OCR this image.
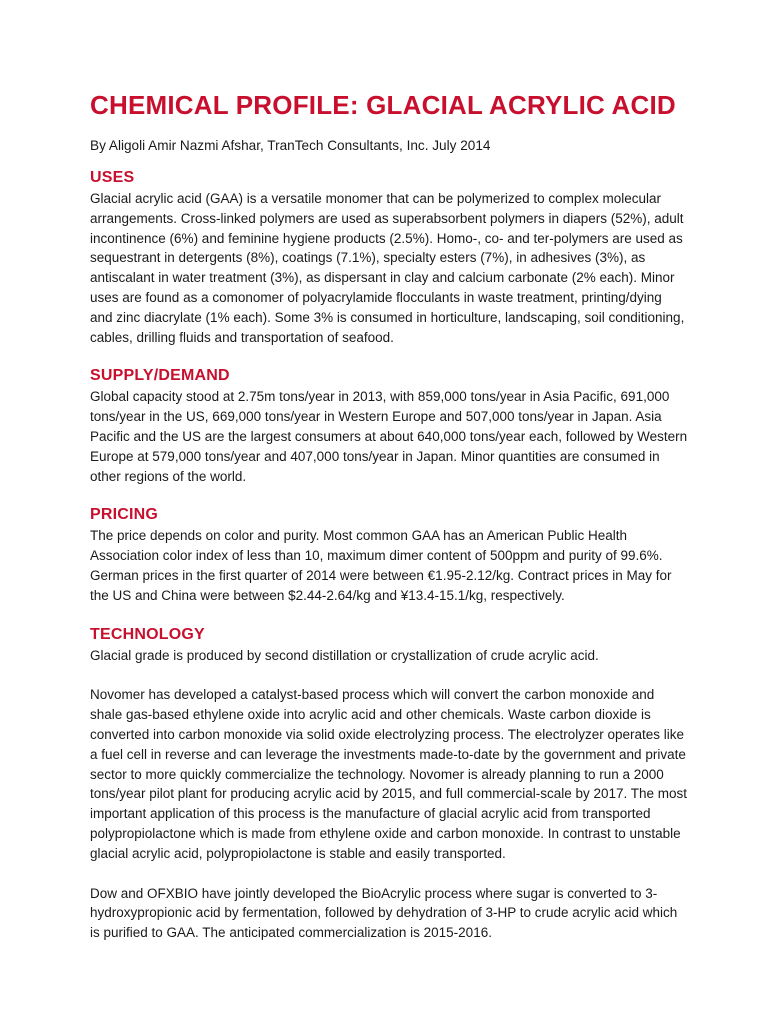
CHEMICAL PROFILE: GLACIAL ACRYLIC ACID

By Aligoli Amir Nazmi Afshar, TranTech Consultants, Inc. July 2014

USES

Glacial acrylic acid (GAA) is a versatile monomer that can be polymerized to complex molecular arrangements. Cross-linked polymers are used as superabsorbent polymers in diapers (52%), adult incontinence (6%) and feminine hygiene products (2.5%). Homo-, co- and ter-polymers are used as sequestrant in detergents (8%), coatings (7.1%), specialty esters (7%), in adhesives (3%), as antiscalant in water treatment (3%), as dispersant in clay and calcium carbonate (2% each). Minor uses are found as a comonomer of polyacrylamide flocculants in waste treatment, printing/dying and zinc diacrylate (1% each). Some 3% is consumed in horticulture, landscaping, soil conditioning, cables, drilling fluids and transportation of seafood.

SUPPLY/DEMAND

Global capacity stood at 2.75m tons/year in 2013, with 859,000 tons/year in Asia Pacific, 691,000 tons/year in the US, 669,000 tons/year in Western Europe and 507,000 tons/year in Japan. Asia Pacific and the US are the largest consumers at about 640,000 tons/year each, followed by Western Europe at 579,000 tons/year and 407,000 tons/year in Japan. Minor quantities are consumed in other regions of the world.

PRICING

The price depends on color and purity. Most common GAA has an American Public Health Association color index of less than 10, maximum dimer content of 500ppm and purity of 99.6%. German prices in the first quarter of 2014 were between €1.95-2.12/kg. Contract prices in May for the US and China were between $2.44-2.64/kg and ¥13.4-15.1/kg, respectively.

TECHNOLOGY

Glacial grade is produced by second distillation or crystallization of crude acrylic acid.

Novomer has developed a catalyst-based process which will convert the carbon monoxide and shale gas-based ethylene oxide into acrylic acid and other chemicals. Waste carbon dioxide is converted into carbon monoxide via solid oxide electrolyzing process. The electrolyzer operates like a fuel cell in reverse and can leverage the investments made-to-date by the government and private sector to more quickly commercialize the technology. Novomer is already planning to run a 2000 tons/year pilot plant for producing acrylic acid by 2015, and full commercial-scale by 2017. The most important application of this process is the manufacture of glacial acrylic acid from transported polypropiolactone which is made from ethylene oxide and carbon monoxide. In contrast to unstable glacial acrylic acid, polypropiolactone is stable and easily transported.

Dow and OFXBIO have jointly developed the BioAcrylic process where sugar is converted to 3-hydroxypropionic acid by fermentation, followed by dehydration of 3-HP to crude acrylic acid which is purified to GAA. The anticipated commercialization is 2015-2016.
